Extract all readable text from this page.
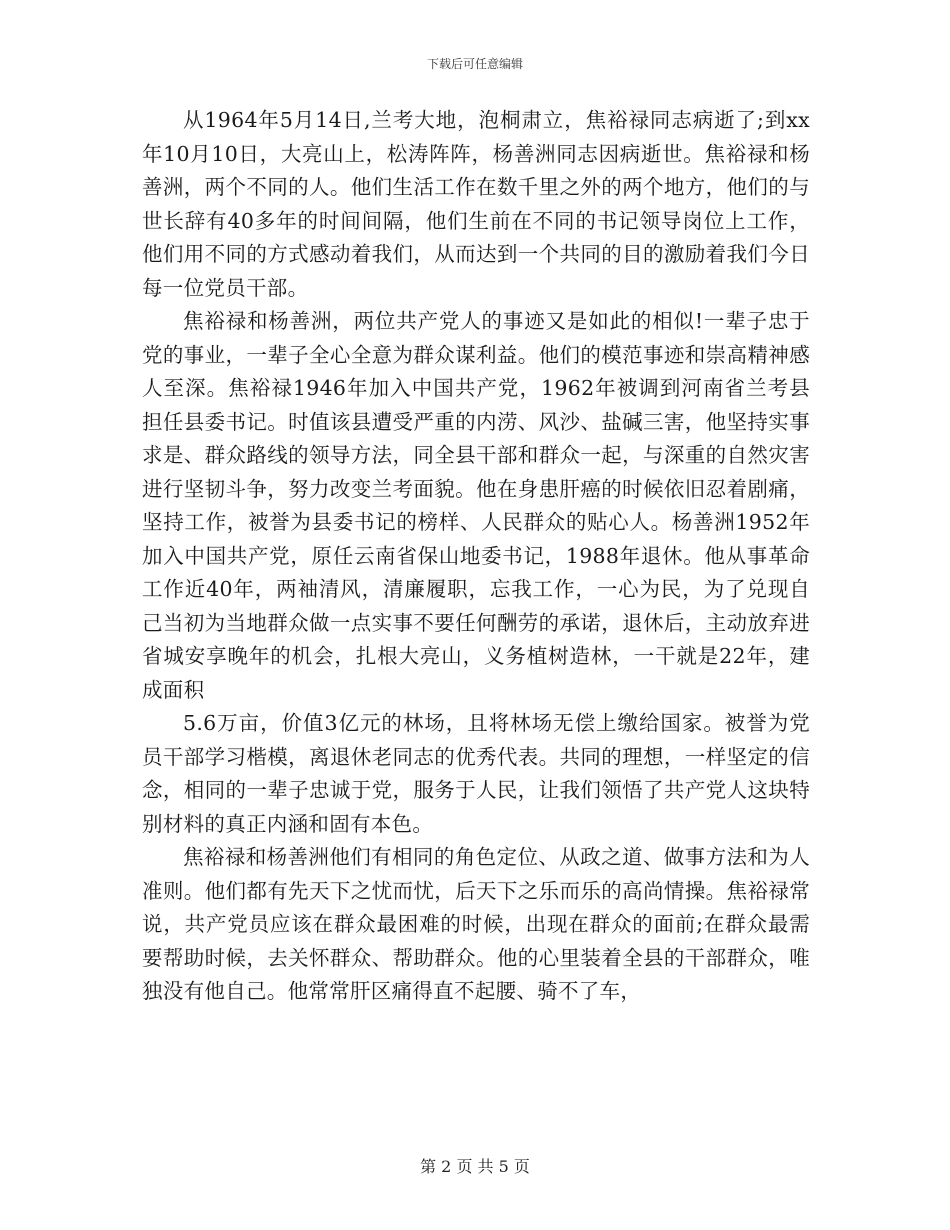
下载后可任意编辑

从1964年5月14日,兰考大地，泡桐肃立，焦裕禄同志病逝了;到xx年10月10日，大亮山上，松涛阵阵，杨善洲同志因病逝世。焦裕禄和杨善洲，两个不同的人。他们生活工作在数千里之外的两个地方，他们的与世长辞有40多年的时间间隔，他们生前在不同的书记领导岗位上工作，他们用不同的方式感动着我们，从而达到一个共同的目的激励着我们今日每一位党员干部。

焦裕禄和杨善洲，两位共产党人的事迹又是如此的相似!一辈子忠于党的事业，一辈子全心全意为群众谋利益。他们的模范事迹和崇高精神感人至深。焦裕禄1946年加入中国共产党，1962年被调到河南省兰考县担任县委书记。时值该县遭受严重的内涝、风沙、盐碱三害，他坚持实事求是、群众路线的领导方法，同全县干部和群众一起，与深重的自然灾害进行坚韧斗争，努力改变兰考面貌。他在身患肝癌的时候依旧忍着剧痛，坚持工作，被誉为县委书记的榜样、人民群众的贴心人。杨善洲1952年加入中国共产党，原任云南省保山地委书记，1988年退休。他从事革命工作近40年，两袖清风，清廉履职，忘我工作，一心为民，为了兑现自己当初为当地群众做一点实事不要任何酬劳的承诺，退休后，主动放弃进省城安享晚年的机会，扎根大亮山，义务植树造林，一干就是22年，建成面积

5.6万亩，价值3亿元的林场，且将林场无偿上缴给国家。被誉为党员干部学习楷模，离退休老同志的优秀代表。共同的理想，一样坚定的信念，相同的一辈子忠诚于党，服务于人民，让我们领悟了共产党人这块特别材料的真正内涵和固有本色。

焦裕禄和杨善洲他们有相同的角色定位、从政之道、做事方法和为人准则。他们都有先天下之忧而忧，后天下之乐而乐的高尚情操。焦裕禄常说，共产党员应该在群众最困难的时候，出现在群众的面前;在群众最需要帮助时候，去关怀群众、帮助群众。他的心里装着全县的干部群众，唯独没有他自己。他常常肝区痛得直不起腰、骑不了车，

第 2 页 共 5 页
